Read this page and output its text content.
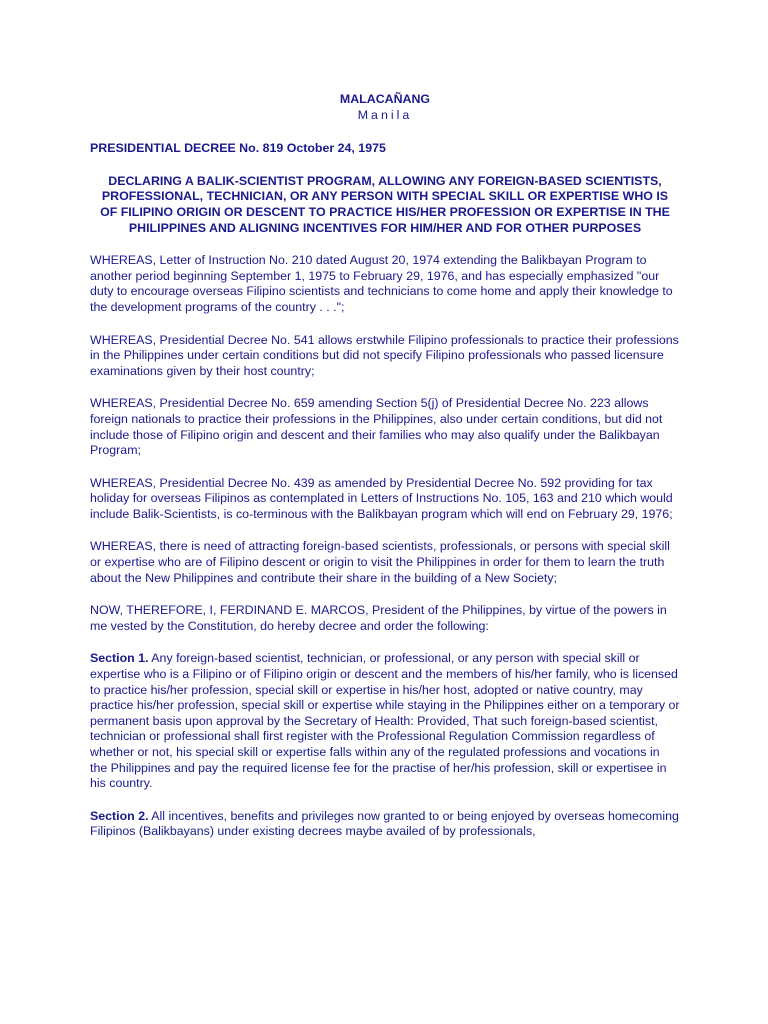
MALACAÑANG
Manila
PRESIDENTIAL DECREE No. 819 October 24, 1975
DECLARING A BALIK-SCIENTIST PROGRAM, ALLOWING ANY FOREIGN-BASED SCIENTISTS, PROFESSIONAL, TECHNICIAN, OR ANY PERSON WITH SPECIAL SKILL OR EXPERTISE WHO IS OF FILIPINO ORIGIN OR DESCENT TO PRACTICE HIS/HER PROFESSION OR EXPERTISE IN THE PHILIPPINES AND ALIGNING INCENTIVES FOR HIM/HER AND FOR OTHER PURPOSES

WHEREAS, Letter of Instruction No. 210 dated August 20, 1974 extending the Balikbayan Program to another period beginning September 1, 1975 to February 29, 1976, and has especially emphasized "our duty to encourage overseas Filipino scientists and technicians to come home and apply their knowledge to the development programs of the country . . .";

WHEREAS, Presidential Decree No. 541 allows erstwhile Filipino professionals to practice their professions in the Philippines under certain conditions but did not specify Filipino professionals who passed licensure examinations given by their host country;

WHEREAS, Presidential Decree No. 659 amending Section 5(j) of Presidential Decree No. 223 allows foreign nationals to practice their professions in the Philippines, also under certain conditions, but did not include those of Filipino origin and descent and their families who may also qualify under the Balikbayan Program;

WHEREAS, Presidential Decree No. 439 as amended by Presidential Decree No. 592 providing for tax holiday for overseas Filipinos as contemplated in Letters of Instructions No. 105, 163 and 210 which would include Balik-Scientists, is co-terminous with the Balikbayan program which will end on February 29, 1976;

WHEREAS, there is need of attracting foreign-based scientists, professionals, or persons with special skill or expertise who are of Filipino descent or origin to visit the Philippines in order for them to learn the truth about the New Philippines and contribute their share in the building of a New Society;

NOW, THEREFORE, I, FERDINAND E. MARCOS, President of the Philippines, by virtue of the powers in me vested by the Constitution, do hereby decree and order the following:

Section 1. Any foreign-based scientist, technician, or professional, or any person with special skill or expertise who is a Filipino or of Filipino origin or descent and the members of his/her family, who is licensed to practice his/her profession, special skill or expertise in his/her host, adopted or native country, may practice his/her profession, special skill or expertise while staying in the Philippines either on a temporary or permanent basis upon approval by the Secretary of Health: Provided, That such foreign-based scientist, technician or professional shall first register with the Professional Regulation Commission regardless of whether or not, his special skill or expertise falls within any of the regulated professions and vocations in the Philippines and pay the required license fee for the practise of her/his profession, skill or expertisee in his country.

Section 2. All incentives, benefits and privileges now granted to or being enjoyed by overseas homecoming Filipinos (Balikbayans) under existing decrees maybe availed of by professionals,
